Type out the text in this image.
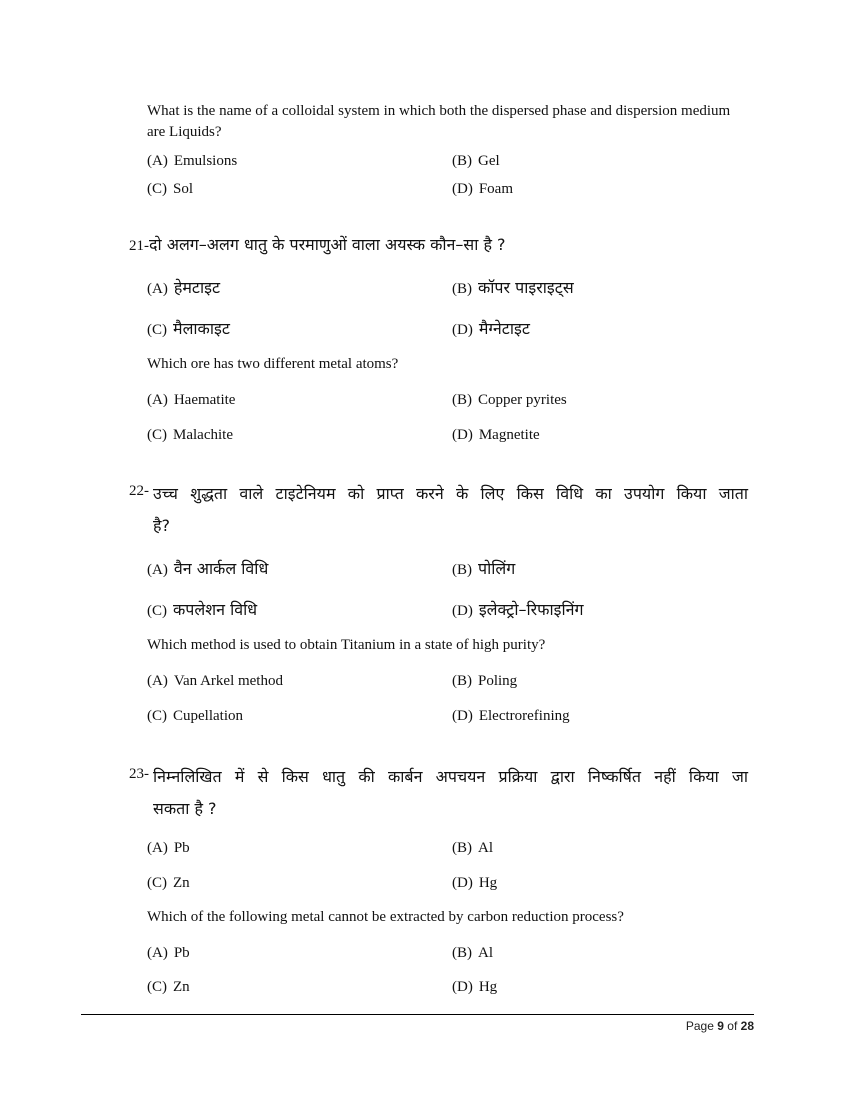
What is the name of a colloidal system in which both the dispersed phase and dispersion medium
are Liquids?
(A) Emulsions	(B) Gel
(C) Sol	(D) Foam
21-दो अलग–अलग धातु के परमाणुओं वाला अयस्क कौन–सा है ?
(A) हेमटाइट	(B) कॉपर पाइराइट्स
(C) मैलाकाइट	(D) मैग्नेटाइट
Which ore has two different metal atoms?
(A) Haematite	(B) Copper pyrites
(C) Malachite	(D) Magnetite
22- उच्च शुद्धता वाले टाइटेनियम को प्राप्त करने के लिए किस विधि का उपयोग किया जाता
है?
(A) वैन आर्कल विधि	(B) पोलिंग
(C) कपलेशन विधि	(D) इलेक्ट्रो–रिफाइनिंग
Which method is used to obtain Titanium in a state of high purity?
(A) Van Arkel method	(B) Poling
(C) Cupellation	(D) Electrorefining
23- निम्नलिखित में से किस धातु की कार्बन अपचयन प्रक्रिया द्वारा निष्कर्षित नहीं किया जा
सकता है ?
(A) Pb	(B) Al
(C) Zn	(D) Hg
Which of the following metal cannot be extracted by carbon reduction process?
(A) Pb	(B) Al
(C) Zn	(D) Hg
Page 9 of 28
